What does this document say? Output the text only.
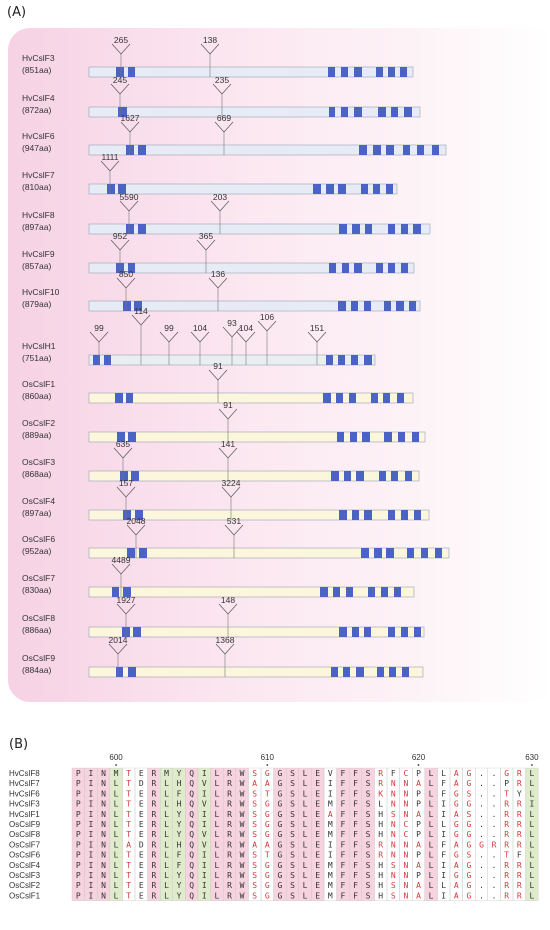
(A)
HvCslF3
(851aa)
265	138
HvCslF4
(872aa)
245	235
HvCslF6
(947aa)
1627	669
HvCslF7
(810aa)
1111
HvCslF8
(897aa)
5590	203
HvCslF9
(857aa)
952	365
HvCslF10
(879aa)
850	136
HvCslH1
(751aa)
99
114
99 104 93 104
106
151
OsCslF1
(860aa)
91
OsCslF2
(889aa)
91
OsCslF3
(868aa)
635	141
OsCslF4
(897aa)
157	3224
OsCslF6
(952aa)
2048	531
OsCslF7
(830aa)
4489
OsCslF8
(886aa)
1927	148
OsCslF9
(884aa)
2014	1368
(B)
600	610	620	630
HvCslF8	P I N M T E R M Y Q I L R W S G G S L E V F F S R F C P L L A G . . G R L
HvCslF7	P I N L T D R L H Q V L R W A A G S L E I F F S R N N A L F A G . . P R L
HvCslF6	P I N L T E R L F Q I L R W S T G S L E I F F S K N N P L F G S . . T Y L
HvCslF3	P I N L T E R L H Q V L R W S G G S L E M F F S L N N P L I G G . . R R I
HvCslF1	P I N L T E R L Y Q I L R W S G G S L E A F F S H S N A L I A S . . R R L
OsCslF9	P I N L T E R L Y Q I L R W S G G S L E M F F S H N C P L L G G . . R R L
OsCslF8	P I N L T E R L Y Q V L R W S G G S L E M F F S H N C P L I G G . . R R L
OsCslF7	P I N L A D R L H Q V L R W A A G S L E I F F S R N N A L F A G G R R R L
OsCslF6	P I N L T E R L F Q I L R W S T G S L E I F F S R N N P L F G S . . T F L
OsCslF4	P I N L T E R L F Q I L R W S G G S L E M F F S H S N A L I A G . . R R L
OsCslF3	P I N L T E R L Y Q I L R W S G G S L E M F F S H N N P L I G G . . R R L
OsCslF2	P I N L T E R L Y Q I L R W S G G S L E M F F S H S N A L L A G . . R R L
OsCslF1	P I N L T E R L Y Q I L R W S G G S L E M F F S H S N A L I A G . . R R L
